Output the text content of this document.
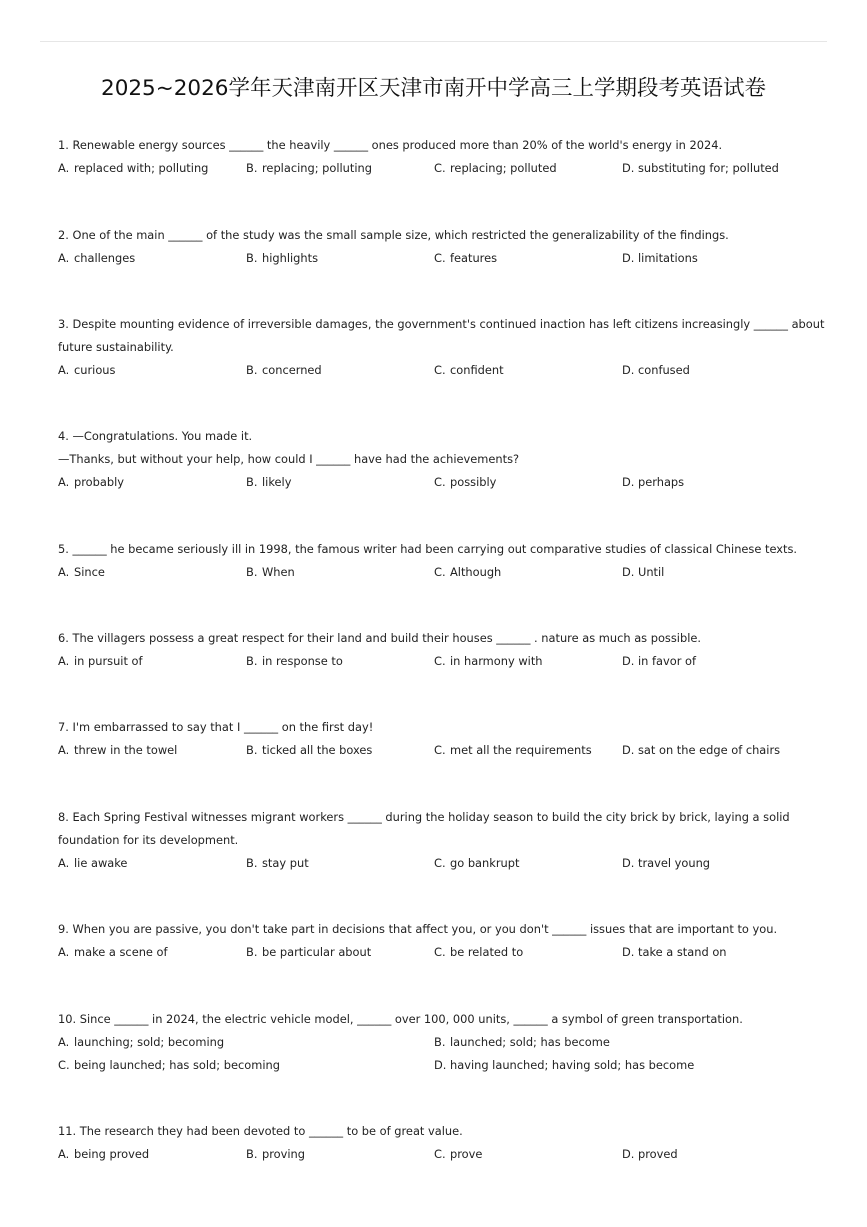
2025~2026学年天津南开区天津市南开中学高三上学期段考英语试卷
1. Renewable energy sources ______ the heavily ______ ones produced more than 20% of the world's energy in 2024.
A. replaced with; polluting	B. replacing; polluting	C. replacing; polluted	D. substituting for; polluted
2. One of the main ______ of the study was the small sample size, which restricted the generalizability of the findings.
A. challenges	B. highlights	C. features	D. limitations
3. Despite mounting evidence of irreversible damages, the government's continued inaction has left citizens increasingly ______ about
future sustainability.
A. curious	B. concerned	C. confident	D. confused
4. —Congratulations. You made it.
—Thanks, but without your help, how could I ______ have had the achievements?
A. probably	B. likely	C. possibly	D. perhaps
5. ______ he became seriously ill in 1998, the famous writer had been carrying out comparative studies of classical Chinese texts.
A. Since	B. When	C. Although	D. Until
6. The villagers possess a great respect for their land and build their houses ______ . nature as much as possible.
A. in pursuit of	B. in response to	C. in harmony with	D. in favor of
7. I'm embarrassed to say that I ______ on the first day!
A. threw in the towel	B. ticked all the boxes	C. met all the requirements	D. sat on the edge of chairs
8. Each Spring Festival witnesses migrant workers ______ during the holiday season to build the city brick by brick, laying a solid
foundation for its development.
A. lie awake	B. stay put	C. go bankrupt	D. travel young
9. When you are passive, you don't take part in decisions that affect you, or you don't ______ issues that are important to you.
A. make a scene of	B. be particular about	C. be related to	D. take a stand on
10. Since ______ in 2024, the electric vehicle model, ______ over 100, 000 units, ______ a symbol of green transportation.
A. launching; sold; becoming	B. launched; sold; has become
C. being launched; has sold; becoming	D. having launched; having sold; has become
11. The research they had been devoted to ______ to be of great value.
A. being proved	B. proving	C. prove	D. proved
